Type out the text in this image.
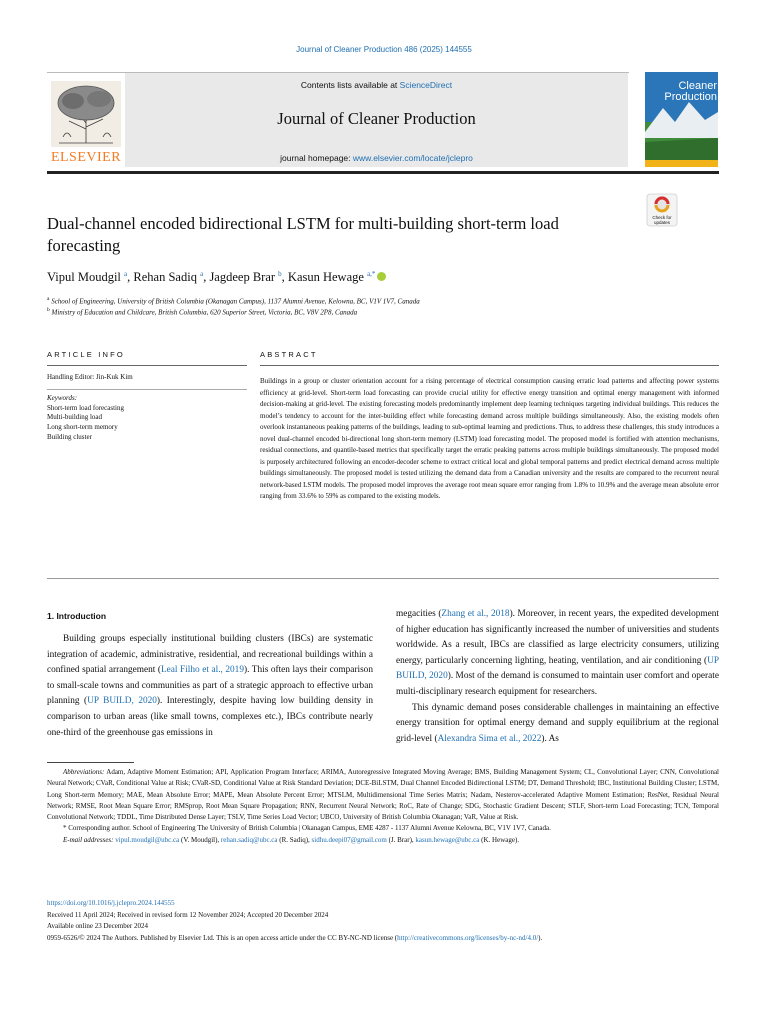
Journal of Cleaner Production 486 (2025) 144555
ELSEVIER
Contents lists available at ScienceDirect
Journal of Cleaner Production
journal homepage: www.elsevier.com/locate/jclepro
Cleaner
Production
Dual-channel encoded bidirectional LSTM for multi-building short-term load forecasting
Check for
updates
Vipul Moudgil $^a$, Rehan Sadiq $^a$, Jagdeep Brar $^b$, Kasun Hewage $^{a,*}$
$^a$ School of Engineering, University of British Columbia (Okanagan Campus), 1137 Alumni Avenue, Kelowna, BC, V1V 1V7, Canada
$^b$ Ministry of Education and Childcare, British Columbia, 620 Superior Street, Victoria, BC, V8V 2P8, Canada
ARTICLE INFO	ABSTRACT
Handling Editor: Jin-Kuk Kim
Keywords:
Short-term load forecasting
Multi-building load
Long short-term memory
Building cluster
Buildings in a group or cluster orientation account for a rising percentage of electrical consumption causing erratic load patterns and affecting power systems efficiency at grid-level. Short-term load forecasting can provide crucial utility for effective energy transition and optimal energy management with informed decision-making at grid-level. The existing forecasting models predominantly implement deep learning techniques targeting individual buildings. This reduces the model’s tendency to account for the inter-building effect while forecasting demand across multiple buildings simultaneously. Also, the existing models often overlook instantaneous peaking patterns of the buildings, leading to sub-optimal learning and predictions. Thus, to address these challenges, this study introduces a novel dual-channel encoded bi-directional long short-term memory (LSTM) load forecasting model. The proposed model is fortified with attention mechanisms, residual connections, and quantile-based metrics that specifically target the erratic peaking patterns across multiple buildings simultaneously. The proposed model is purposely architectured following an encoder-decoder scheme to extract critical local and global temporal patterns and predict electrical demand across multiple buildings simultaneously. The proposed model is tested utilizing the demand data from a Canadian university and the results are compared to the recurrent neural network-based LSTM models. The proposed model improves the average root mean square error ranging from 1.8% to 10.9% and the average mean absolute error ranging from 33.6% to 59% as compared to the existing models.
1. Introduction
Building groups especially institutional building clusters (IBCs) are systematic integration of academic, administrative, residential, and recreational buildings within a confined spatial arrangement (Leal Filho et al., 2019). This often lays their comparison to small-scale towns and communities as part of a strategic approach to effective urban planning (UP BUILD, 2020). Interestingly, despite having low building density in comparison to urban areas (like small towns, complexes etc.), IBCs contribute nearly one-third of the greenhouse gas emissions in
megacities (Zhang et al., 2018). Moreover, in recent years, the expedited development of higher education has significantly increased the number of universities and students worldwide. As a result, IBCs are classified as large electricity consumers, utilizing energy, particularly concerning lighting, heating, ventilation, and air conditioning (UP BUILD, 2020). Most of the demand is consumed to maintain user comfort and operate multi-disciplinary research equipment for researchers.
This dynamic demand poses considerable challenges in maintaining an effective energy transition for optimal energy demand and supply equilibrium at the regional grid-level (Alexandra Sima et al., 2022). As

Abbreviations: Adam, Adaptive Moment Estimation; API, Application Program Interface; ARIMA, Autoregressive Integrated Moving Average; BMS, Building Management System; CL, Convolutional Layer; CNN, Convolutional Neural Network; CVaR, Conditional Value at Risk; CVaR-SD, Conditional Value at Risk Standard Deviation; DCE-BiLSTM, Dual Channel Encoded Bidirectional LSTM; DT, Demand Threshold; IBC, Institutional Building Cluster; LSTM, Long Short-term Memory; MAE, Mean Absolute Error; MAPE, Mean Absolute Percent Error; MTSLM, Multidimensional Time Series Matrix; Nadam, Nesterov-accelerated Adaptive Moment Estimation; ResNet, Residual Neural Network; RMSE, Root Mean Square Error; RMSprop, Root Mean Square Propagation; RNN, Recurrent Neural Network; RoC, Rate of Change; SDG, Stochastic Gradient Descent; STLF, Short-term Load Forecasting; TCN, Temporal Convolutional Network; TDDL, Time Distributed Dense Layer; TSLV, Time Series Load Vector; UBCO, University of British Columbia Okanagan; VaR, Value at Risk.

* Corresponding author. School of Engineering The University of British Columbia | Okanagan Campus, EME 4287 - 1137 Alumni Avenue Kelowna, BC, V1V 1V7, Canada.

E-mail addresses: vipul.moudgil@ubc.ca (V. Moudgil), rehan.sadiq@ubc.ca (R. Sadiq), sidhu.deepi07@gmail.com (J. Brar), kasun.hewage@ubc.ca (K. Hewage).

https://doi.org/10.1016/j.jclepro.2024.144555

Received 11 April 2024; Received in revised form 12 November 2024; Accepted 20 December 2024

Available online 23 December 2024

0959-6526/© 2024 The Authors. Published by Elsevier Ltd. This is an open access article under the CC BY-NC-ND license (http://creativecommons.org/licenses/by-nc-nd/4.0/).
